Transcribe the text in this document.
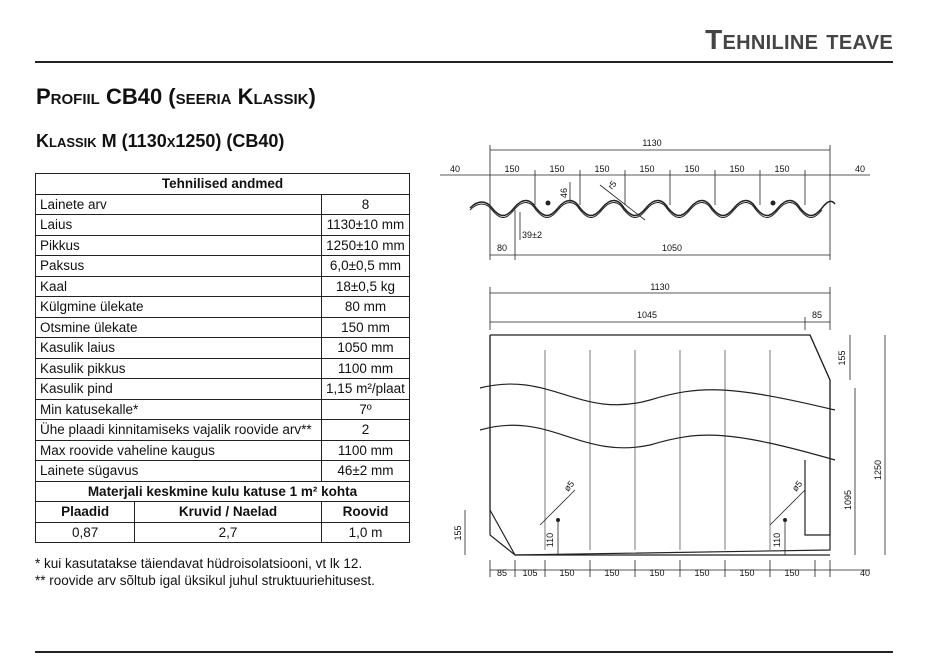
Tehniline teave
Profiil CB40 (seeria Klassik)
Klassik M (1130x1250) (CB40)
Tehnilised andmed		
Lainete arv		8
Laius		1130±10 mm
Pikkus		1250±10 mm
Paksus		6,0±0,5 mm
Kaal		18±0,5 kg
Külgmine ülekate		80 mm
Otsmine ülekate		150 mm
Kasulik laius		1050 mm
Kasulik pikkus		1100 mm
Kasulik pind		1,15 m²/plaat
Min katusekalle*		7º
Ühe plaadi kinnitamiseks vajalik roovide arv**		2
Max roovide vaheline kaugus		1100 mm
Lainete sügavus		46±2 mm
Materjali keskmine kulu katuse 1 m² kohta		
Plaadid	Kruvid / Naelad	Roovid
0,87	2,7	1,0 m
* kui kasutatakse täiendavat hüdroisolatsiooni, vt lk 12.
** roovide arv sõltub igal üksikul juhul struktuuriehitusest.
1130
40	150	150	150	150	150	150	150	40
46
r5
39±2
80	1050
1130
1045	85
155
1250
1095
155	110	110
ø5	ø5
85 105 150	150	150	150	150	150	40
